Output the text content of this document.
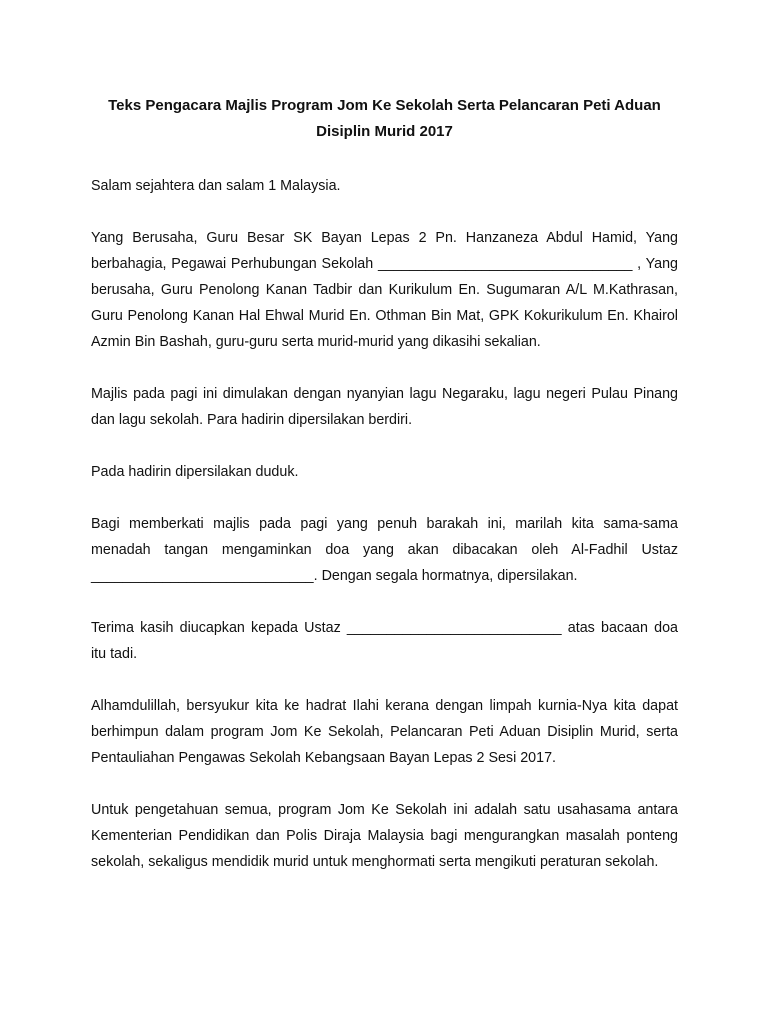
Teks Pengacara Majlis Program Jom Ke Sekolah Serta Pelancaran Peti Aduan
Disiplin Murid 2017

Salam sejahtera dan salam 1 Malaysia.

Yang Berusaha, Guru Besar SK Bayan Lepas 2 Pn. Hanzaneza Abdul Hamid, Yang berbahagia, Pegawai Perhubungan Sekolah ________________________________ , Yang berusaha, Guru Penolong Kanan Tadbir dan Kurikulum En. Sugumaran A/L M.Kathrasan, Guru Penolong Kanan Hal Ehwal Murid En. Othman Bin Mat, GPK Kokurikulum En. Khairol Azmin Bin Bashah, guru-guru serta murid-murid yang dikasihi sekalian.

Majlis pada pagi ini dimulakan dengan nyanyian lagu Negaraku, lagu negeri Pulau Pinang dan lagu sekolah. Para hadirin dipersilakan berdiri.

Pada hadirin dipersilakan duduk.

Bagi memberkati majlis pada pagi yang penuh barakah ini, marilah kita sama-sama menadah tangan mengaminkan doa yang akan dibacakan oleh Al-Fadhil Ustaz ____________________________. Dengan segala hormatnya, dipersilakan.

Terima kasih diucapkan kepada Ustaz ___________________________ atas bacaan doa itu tadi.

Alhamdulillah, bersyukur kita ke hadrat Ilahi kerana dengan limpah kurnia-Nya kita dapat berhimpun dalam program Jom Ke Sekolah, Pelancaran Peti Aduan Disiplin Murid, serta Pentauliahan Pengawas Sekolah Kebangsaan Bayan Lepas 2 Sesi 2017.

Untuk pengetahuan semua, program Jom Ke Sekolah ini adalah satu usahasama antara Kementerian Pendidikan dan Polis Diraja Malaysia bagi mengurangkan masalah ponteng sekolah, sekaligus mendidik murid untuk menghormati serta mengikuti peraturan sekolah.
